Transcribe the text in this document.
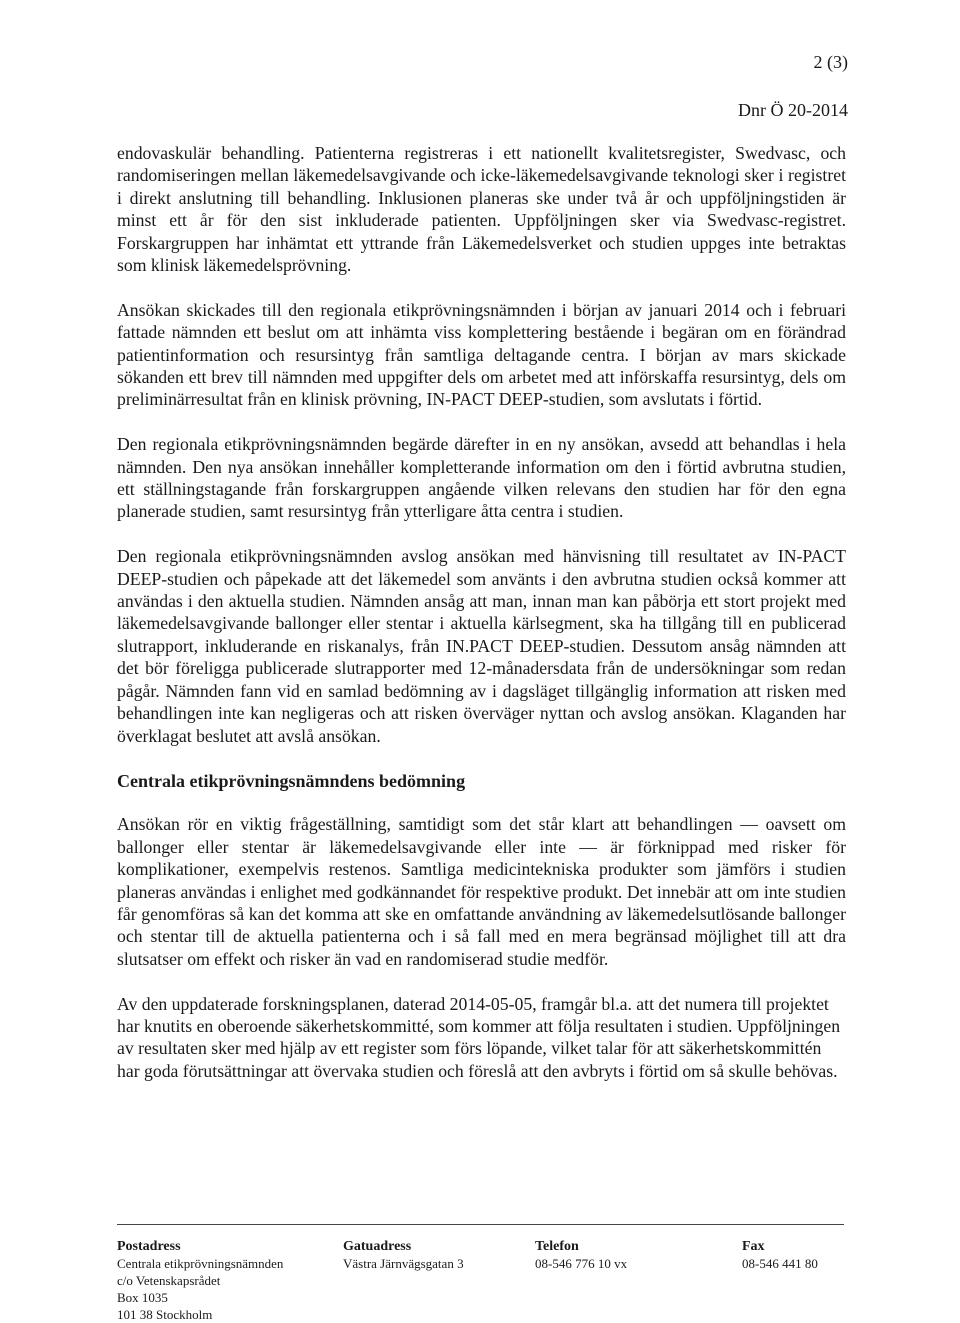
2 (3)
Dnr Ö 20-2014

endovaskulär behandling. Patienterna registreras i ett nationellt kvalitetsregister, Swedvasc, och randomiseringen mellan läkemedelsavgivande och icke-läkemedelsavgivande teknologi sker i registret i direkt anslutning till behandling. Inklusionen planeras ske under två år och uppföljningstiden är minst ett år för den sist inkluderade patienten. Uppföljningen sker via Swedvasc-registret. Forskargruppen har inhämtat ett yttrande från Läkemedelsverket och studien uppges inte betraktas som klinisk läkemedelsprövning.

Ansökan skickades till den regionala etikprövningsnämnden i början av januari 2014 och i februari fattade nämnden ett beslut om att inhämta viss komplettering bestående i begäran om en förändrad patientinformation och resursintyg från samtliga deltagande centra. I början av mars skickade sökanden ett brev till nämnden med uppgifter dels om arbetet med att införskaffa resursintyg, dels om preliminärresultat från en klinisk prövning, IN-PACT DEEP-studien, som avslutats i förtid.

Den regionala etikprövningsnämnden begärde därefter in en ny ansökan, avsedd att behandlas i hela nämnden. Den nya ansökan innehåller kompletterande information om den i förtid avbrutna studien, ett ställningstagande från forskargruppen angående vilken relevans den studien har för den egna planerade studien, samt resursintyg från ytterligare åtta centra i studien.

Den regionala etikprövningsnämnden avslog ansökan med hänvisning till resultatet av IN-PACT DEEP-studien och påpekade att det läkemedel som använts i den avbrutna studien också kommer att användas i den aktuella studien. Nämnden ansåg att man, innan man kan påbörja ett stort projekt med läkemedelsavgivande ballonger eller stentar i aktuella kärlsegment, ska ha tillgång till en publicerad slutrapport, inkluderande en riskanalys, från IN.PACT DEEP-studien. Dessutom ansåg nämnden att det bör föreligga publicerade slutrapporter med 12-månadersdata från de undersökningar som redan pågår. Nämnden fann vid en samlad bedömning av i dagsläget tillgänglig information att risken med behandlingen inte kan negligeras och att risken överväger nyttan och avslog ansökan. Klaganden har överklagat beslutet att avslå ansökan.

Centrala etikprövningsnämndens bedömning

Ansökan rör en viktig frågeställning, samtidigt som det står klart att behandlingen — oavsett om ballonger eller stentar är läkemedelsavgivande eller inte — är förknippad med risker för komplikationer, exempelvis restenos. Samtliga medicintekniska produkter som jämförs i studien planeras användas i enlighet med godkännandet för respektive produkt. Det innebär att om inte studien får genomföras så kan det komma att ske en omfattande användning av läkemedelsutlösande ballonger och stentar till de aktuella patienterna och i så fall med en mera begränsad möjlighet till att dra slutsatser om effekt och risker än vad en randomiserad studie medför.

Av den uppdaterade forskningsplanen, daterad 2014-05-05, framgår bl.a. att det numera till projektet har knutits en oberoende säkerhetskommitté, som kommer att följa resultaten i studien. Uppföljningen av resultaten sker med hjälp av ett register som förs löpande, vilket talar för att säkerhetskommittén har goda förutsättningar att övervaka studien och föreslå att den avbryts i förtid om så skulle behövas.

Postadress
Centrala etikprövningsnämnden
c/o Vetenskapsrådet
Box 1035
101 38 Stockholm
Gatuadress
Västra Järnvägsgatan 3
Telefon
08-546 776 10 vx
Fax
08-546 441 80
